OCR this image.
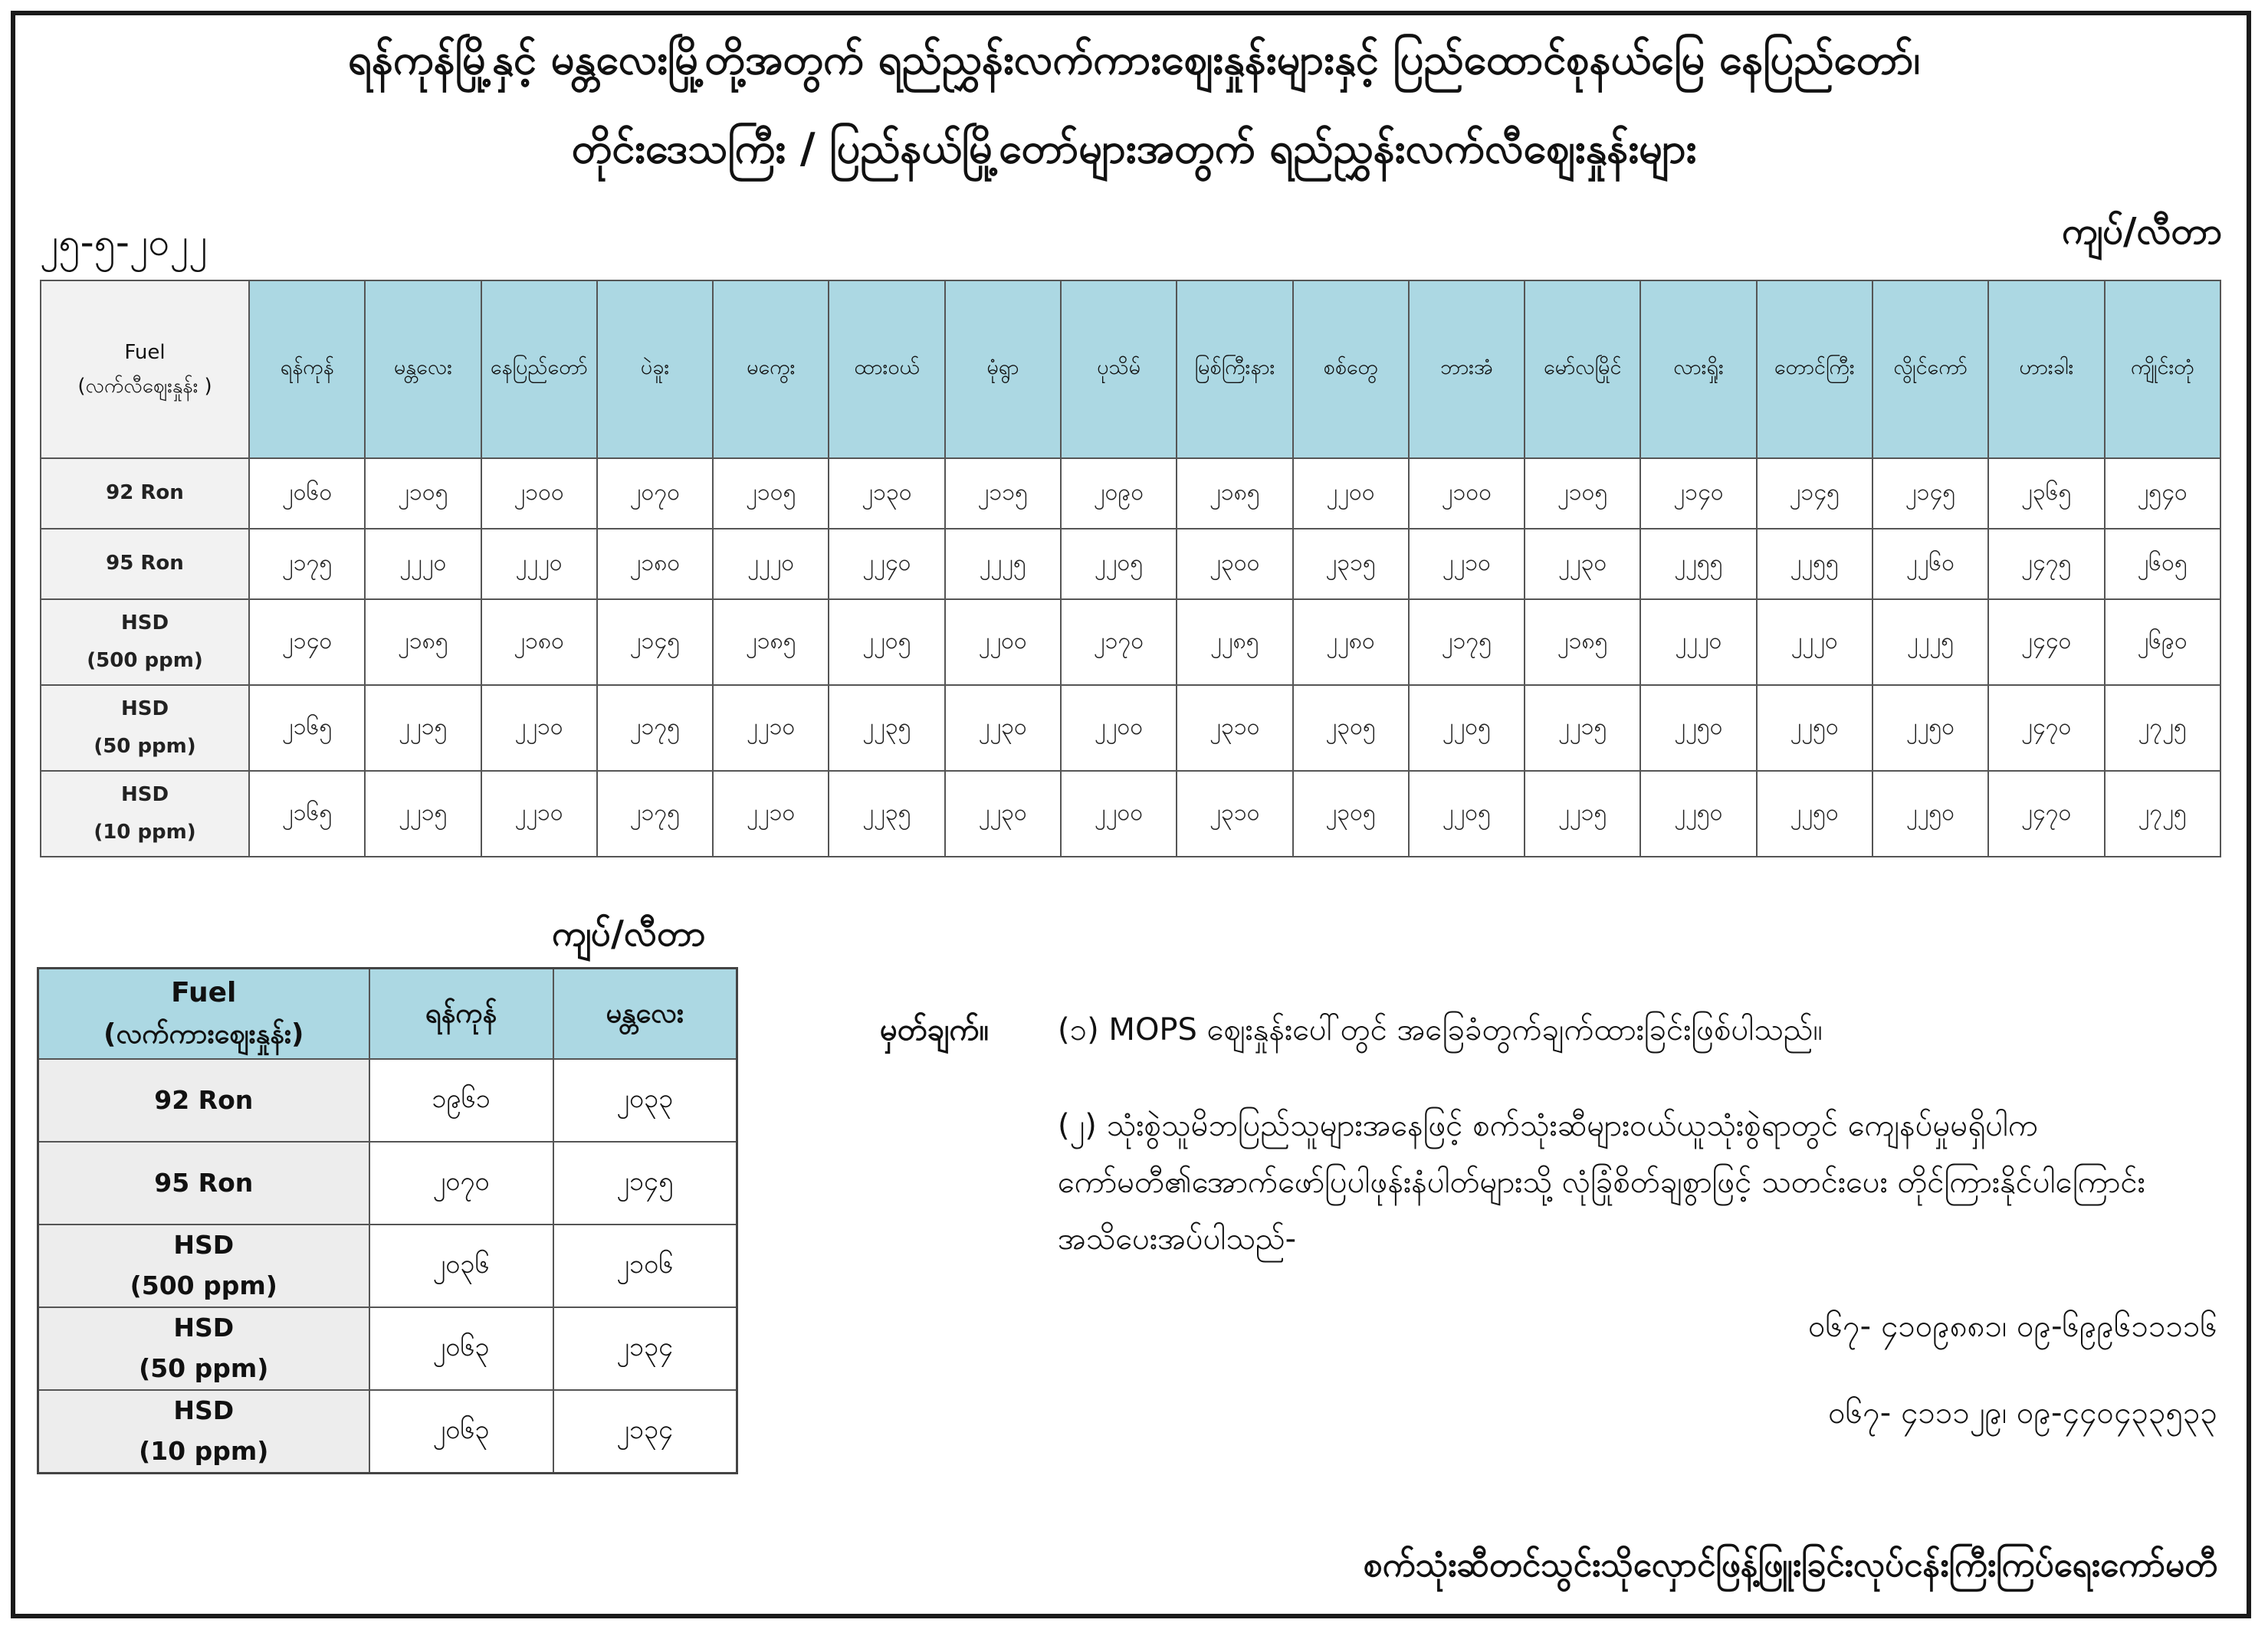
ရန်ကုန်မြို့နှင့် မန္တလေးမြို့တို့အတွက် ရည်ညွှန်းလက်ကားဈေးနှုန်းများနှင့် ပြည်ထောင်စုနယ်မြေ နေပြည်တော်၊
တိုင်းဒေသကြီး / ပြည်နယ်မြို့တော်များအတွက် ရည်ညွှန်းလက်လီဈေးနှုန်းများ
၂၅-၅-၂၀၂၂	ကျပ်/လီတာ
Fuel
(လက်လီဈေးနှုန်း )	ရန်ကုန်	မန္တလေး	နေပြည်တော်	ပဲခူး	မကွေး	ထားဝယ်	မုံရွာ	ပုသိမ်	မြစ်ကြီးနား	စစ်တွေ	ဘားအံ	မော်လမြိုင်	လားရှိုး	တောင်ကြီး	လွိုင်ကော်	ဟားခါး	ကျိုင်းတုံ

92 Ron	၂၀၆၀	၂၁၀၅	၂၁၀၀	၂၀၇၀	၂၁၀၅	၂၁၃၀	၂၁၁၅	၂၀၉၀	၂၁၈၅	၂၂၀၀	၂၁၀၀	၂၁၀၅	၂၁၄၀	၂၁၄၅	၂၁၄၅	၂၃၆၅	၂၅၄၀

95 Ron	၂၁၇၅	၂၂၂၀	၂၂၂၀	၂၁၈၀	၂၂၂၀	၂၂၄၀	၂၂၂၅	၂၂၀၅	၂၃၀၀	၂၃၁၅	၂၂၁၀	၂၂၃၀	၂၂၅၅	၂၂၅၅	၂၂၆၀	၂၄၇၅	၂၆၀၅

HSD
(500 ppm)	၂၁၄၀	၂၁၈၅	၂၁၈၀	၂၁၄၅	၂၁၈၅	၂၂၀၅	၂၂၀၀	၂၁၇၀	၂၂၈၅	၂၂၈၀	၂၁၇၅	၂၁၈၅	၂၂၂၀	၂၂၂၀	၂၂၂၅	၂၄၄၀	၂၆၉၀

HSD
(50 ppm)	၂၁၆၅	၂၂၁၅	၂၂၁၀	၂၁၇၅	၂၂၁၀	၂၂၃၅	၂၂၃၀	၂၂၀၀	၂၃၁၀	၂၃၀၅	၂၂၀၅	၂၂၁၅	၂၂၅၀	၂၂၅၀	၂၂၅၀	၂၄၇၀	၂၇၂၅

HSD
(10 ppm)	၂၁၆၅	၂၂၁၅	၂၂၁၀	၂၁၇၅	၂၂၁၀	၂၂၃၅	၂၂၃၀	၂၂၀၀	၂၃၁၀	၂၃၀၅	၂၂၀၅	၂၂၁၅	၂၂၅၀	၂၂၅၀	၂၂၅၀	၂၄၇၀	၂၇၂၅
ကျပ်/လီတာ
Fuel
(လက်ကားဈေးနှုန်း)	ရန်ကုန်	မန္တလေး

92 Ron	၁၉၆၁	၂၀၃၃

95 Ron	၂၀၇၀	၂၁၄၅

HSD
(500 ppm)	၂၀၃၆	၂၁၀၆

HSD
(50 ppm)	၂၀၆၃	၂၁၃၄

HSD
(10 ppm)	၂၀၆၃	၂၁၃၄
မှတ်ချက်။ (၁) MOPS ဈေးနှုန်းပေါ်တွင် အခြေခံတွက်ချက်ထားခြင်းဖြစ်ပါသည်။
(၂) သုံးစွဲသူမိဘပြည်သူများအနေဖြင့် စက်သုံးဆီများဝယ်ယူသုံးစွဲရာတွင် ကျေနပ်မှုမရှိပါက ကော်မတီ၏အောက်ဖော်ပြပါဖုန်းနံပါတ်များသို့ လုံခြုံစိတ်ချစွာဖြင့် သတင်းပေး တိုင်ကြားနိုင်ပါကြောင်း အသိပေးအပ်ပါသည်-
၀၆၇- ၄၁၀၉၈၈၁၊ ၀၉-၆၉၉၆၁၁၁၁၆
၀၆၇- ၄၁၁၁၂၉၊ ၀၉-၄၄၀၄၃၃၅၃၃
စက်သုံးဆီတင်သွင်းသိုလှောင်ဖြန့်ဖြူးခြင်းလုပ်ငန်းကြီးကြပ်ရေးကော်မတီ
